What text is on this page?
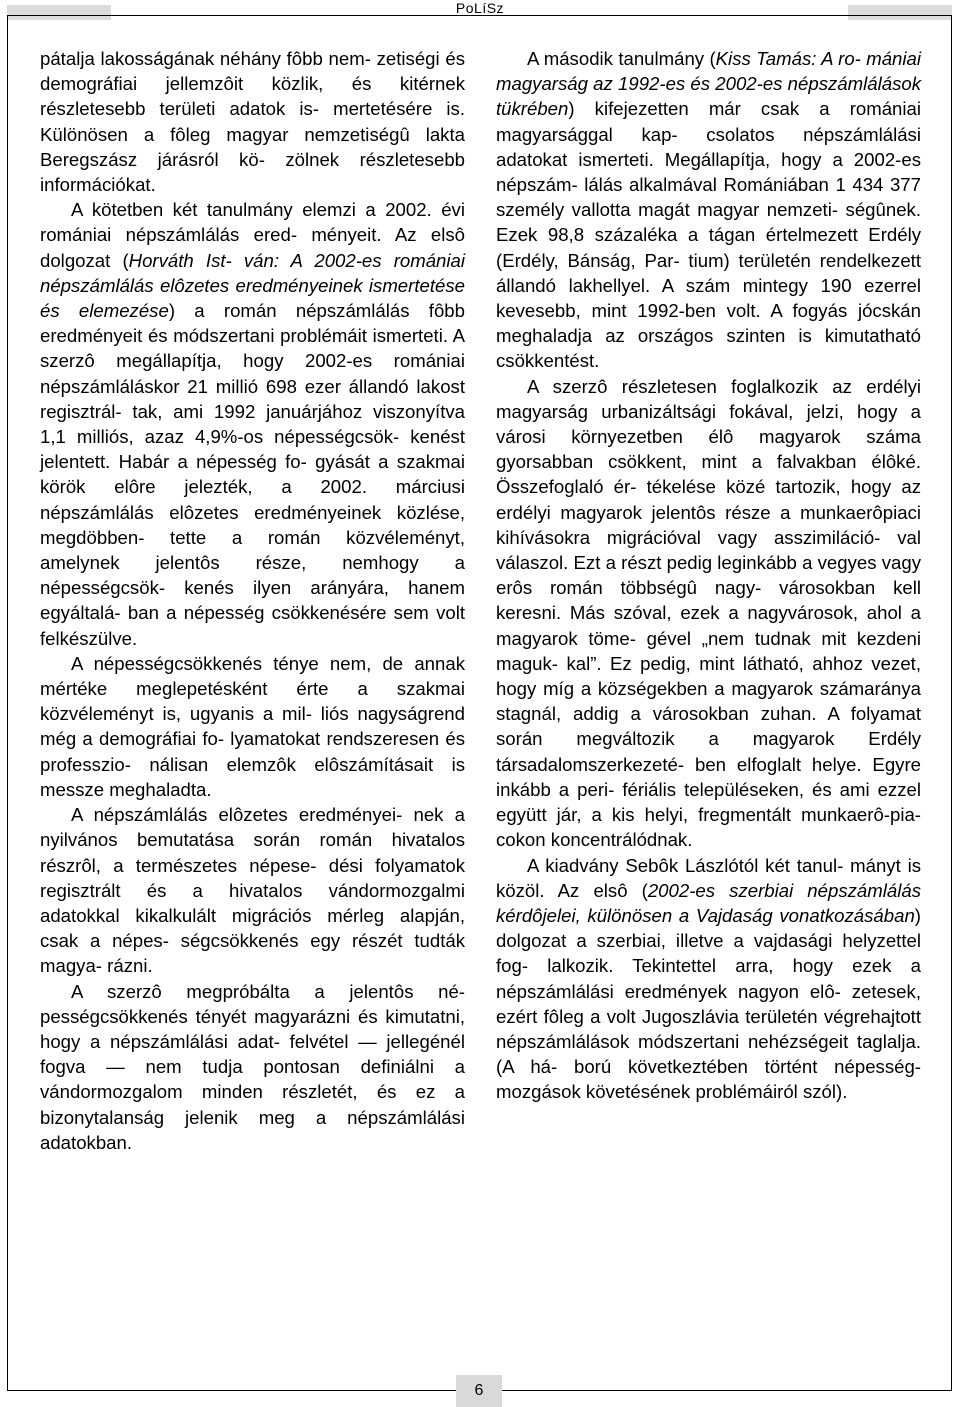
PoLíSz

pátalja lakosságának néhány fôbb nem- zetiségi és demográfiai jellemzôit közlik, és kitérnek részletesebb területi adatok is- mertetésére is. Különösen a fôleg magyar nemzetiségû lakta Beregszász járásról kö- zölnek részletesebb információkat.

A kötetben két tanulmány elemzi a 2002. évi romániai népszámlálás ered- ményeit. Az elsô dolgozat (Horváth Ist- ván: A 2002-es romániai népszámlálás elôzetes eredményeinek ismertetése és elemezése) a román népszámlálás fôbb eredményeit és módszertani problémáit ismerteti. A szerzô megállapítja, hogy 2002-es romániai népszámláláskor 21 millió 698 ezer állandó lakost regisztrál- tak, ami 1992 januárjához viszonyítva 1,1 milliós, azaz 4,9%-os népességcsök- kenést jelentett. Habár a népesség fo- gyását a szakmai körök elôre jelezték, a 2002. márciusi népszámlálás elôzetes eredményeinek közlése, megdöbben- tette a román közvéleményt, amelynek jelentôs része, nemhogy a népességcsök- kenés ilyen arányára, hanem egyáltalá- ban a népesség csökkenésére sem volt felkészülve.

A népességcsökkenés ténye nem, de annak mértéke meglepetésként érte a szakmai közvéleményt is, ugyanis a mil- liós nagyságrend még a demográfiai fo- lyamatokat rendszeresen és professzio- nálisan elemzôk elôszámításait is messze meghaladta.

A népszámlálás elôzetes eredményei- nek a nyilvános bemutatása során román hivatalos részrôl, a természetes népese- dési folyamatok regisztrált és a hivatalos vándormozgalmi adatokkal kikalkulált migrációs mérleg alapján, csak a népes- ségcsökkenés egy részét tudták magya- rázni.

A szerzô megpróbálta a jelentôs né- pességcsökkenés tényét magyarázni és kimutatni, hogy a népszámlálási adat- felvétel — jellegénél fogva — nem tudja pontosan definiálni a vándormozgalom minden részletét, és ez a bizonytalanság jelenik meg a népszámlálási adatokban.

A második tanulmány (Kiss Tamás: A ro- mániai magyarság az 1992-es és 2002-es népszámlálások tükrében) kifejezetten már csak a romániai magyarsággal kap- csolatos népszámlálási adatokat ismerteti. Megállapítja, hogy a 2002-es népszám- lálás alkalmával Romániában 1 434 377 személy vallotta magát magyar nemzeti- ségûnek. Ezek 98,8 százaléka a tágan értelmezett Erdély (Erdély, Bánság, Par- tium) területén rendelkezett állandó lakhellyel. A szám mintegy 190 ezerrel kevesebb, mint 1992-ben volt. A fogyás jócskán meghaladja az országos szinten is kimutatható csökkentést.

A szerzô részletesen foglalkozik az erdélyi magyarság urbanizáltsági fokával, jelzi, hogy a városi környezetben élô magyarok száma gyorsabban csökkent, mint a falvakban élôké. Összefoglaló ér- tékelése közé tartozik, hogy az erdélyi magyarok jelentôs része a munkaerôpiaci kihívásokra migrációval vagy asszimiláció- val válaszol. Ezt a részt pedig leginkább a vegyes vagy erôs román többségû nagy- városokban kell keresni. Más szóval, ezek a nagyvárosok, ahol a magyarok töme- gével „nem tudnak mit kezdeni maguk- kal”. Ez pedig, mint látható, ahhoz vezet, hogy míg a községekben a magyarok számaránya stagnál, addig a városokban zuhan. A folyamat során megváltozik a magyarok Erdély társadalomszerkezeté- ben elfoglalt helye. Egyre inkább a peri- fériális településeken, és ami ezzel együtt jár, a kis helyi, fregmentált munkaerô-pia- cokon koncentrálódnak.

A kiadvány Sebôk Lászlótól két tanul- mányt is közöl. Az elsô (2002-es szerbiai népszámlálás kérdôjelei, különösen a Vajdaság vonatkozásában) dolgozat a szerbiai, illetve a vajdasági helyzettel fog- lalkozik. Tekintettel arra, hogy ezek a népszámlálási eredmények nagyon elô- zetesek, ezért fôleg a volt Jugoszlávia területén végrehajtott népszámlálások módszertani nehézségeit taglalja. (A há- ború következtében történt népesség- mozgások követésének problémáiról szól).

6
